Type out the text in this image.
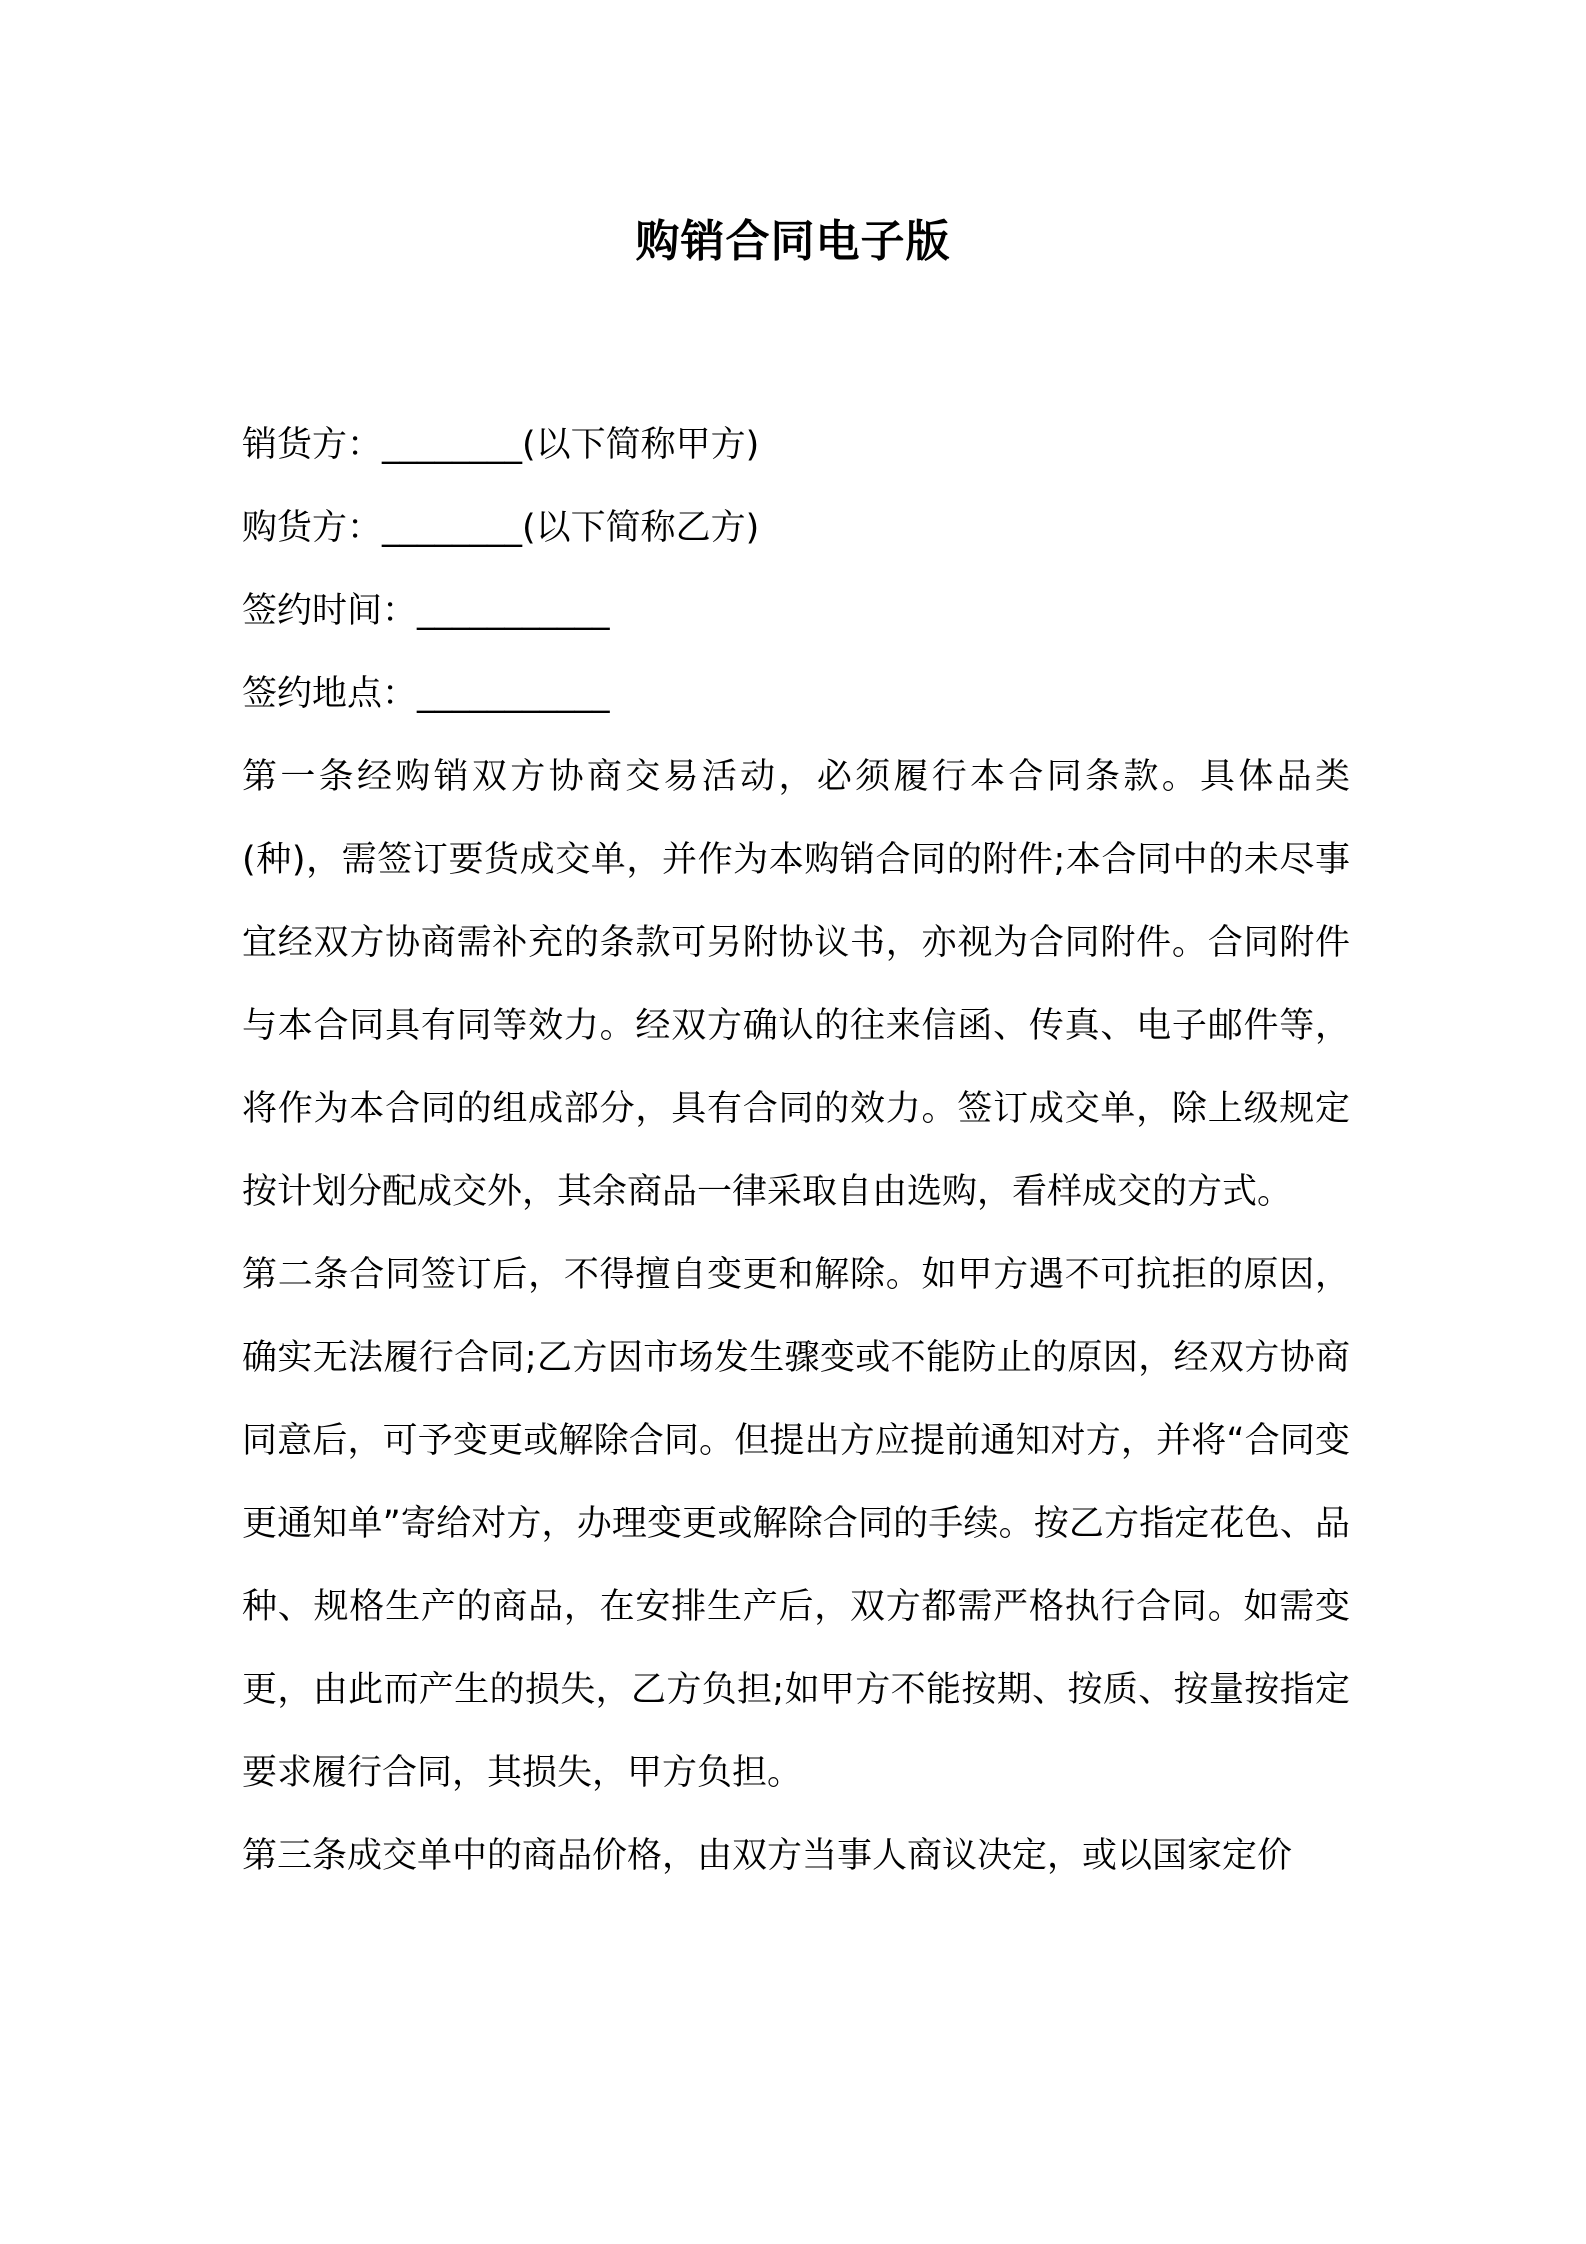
购销合同电子版

销货方：________(以下简称甲方)

购货方：________(以下简称乙方)

签约时间：___________

签约地点：___________

第一条经购销双方协商交易活动，必须履行本合同条款。具体品类(种)，需签订要货成交单，并作为本购销合同的附件;本合同中的未尽事宜经双方协商需补充的条款可另附协议书，亦视为合同附件。合同附件与本合同具有同等效力。经双方确认的往来信函、传真、电子邮件等，将作为本合同的组成部分，具有合同的效力。签订成交单，除上级规定按计划分配成交外，其余商品一律采取自由选购，看样成交的方式。

第二条合同签订后，不得擅自变更和解除。如甲方遇不可抗拒的原因，确实无法履行合同;乙方因市场发生骤变或不能防止的原因，经双方协商同意后，可予变更或解除合同。但提出方应提前通知对方，并将“合同变更通知单”寄给对方，办理变更或解除合同的手续。按乙方指定花色、品种、规格生产的商品，在安排生产后，双方都需严格执行合同。如需变更，由此而产生的损失，乙方负担;如甲方不能按期、按质、按量按指定要求履行合同，其损失，甲方负担。

第三条成交单中的商品价格，由双方当事人商议决定，或以国家定价
